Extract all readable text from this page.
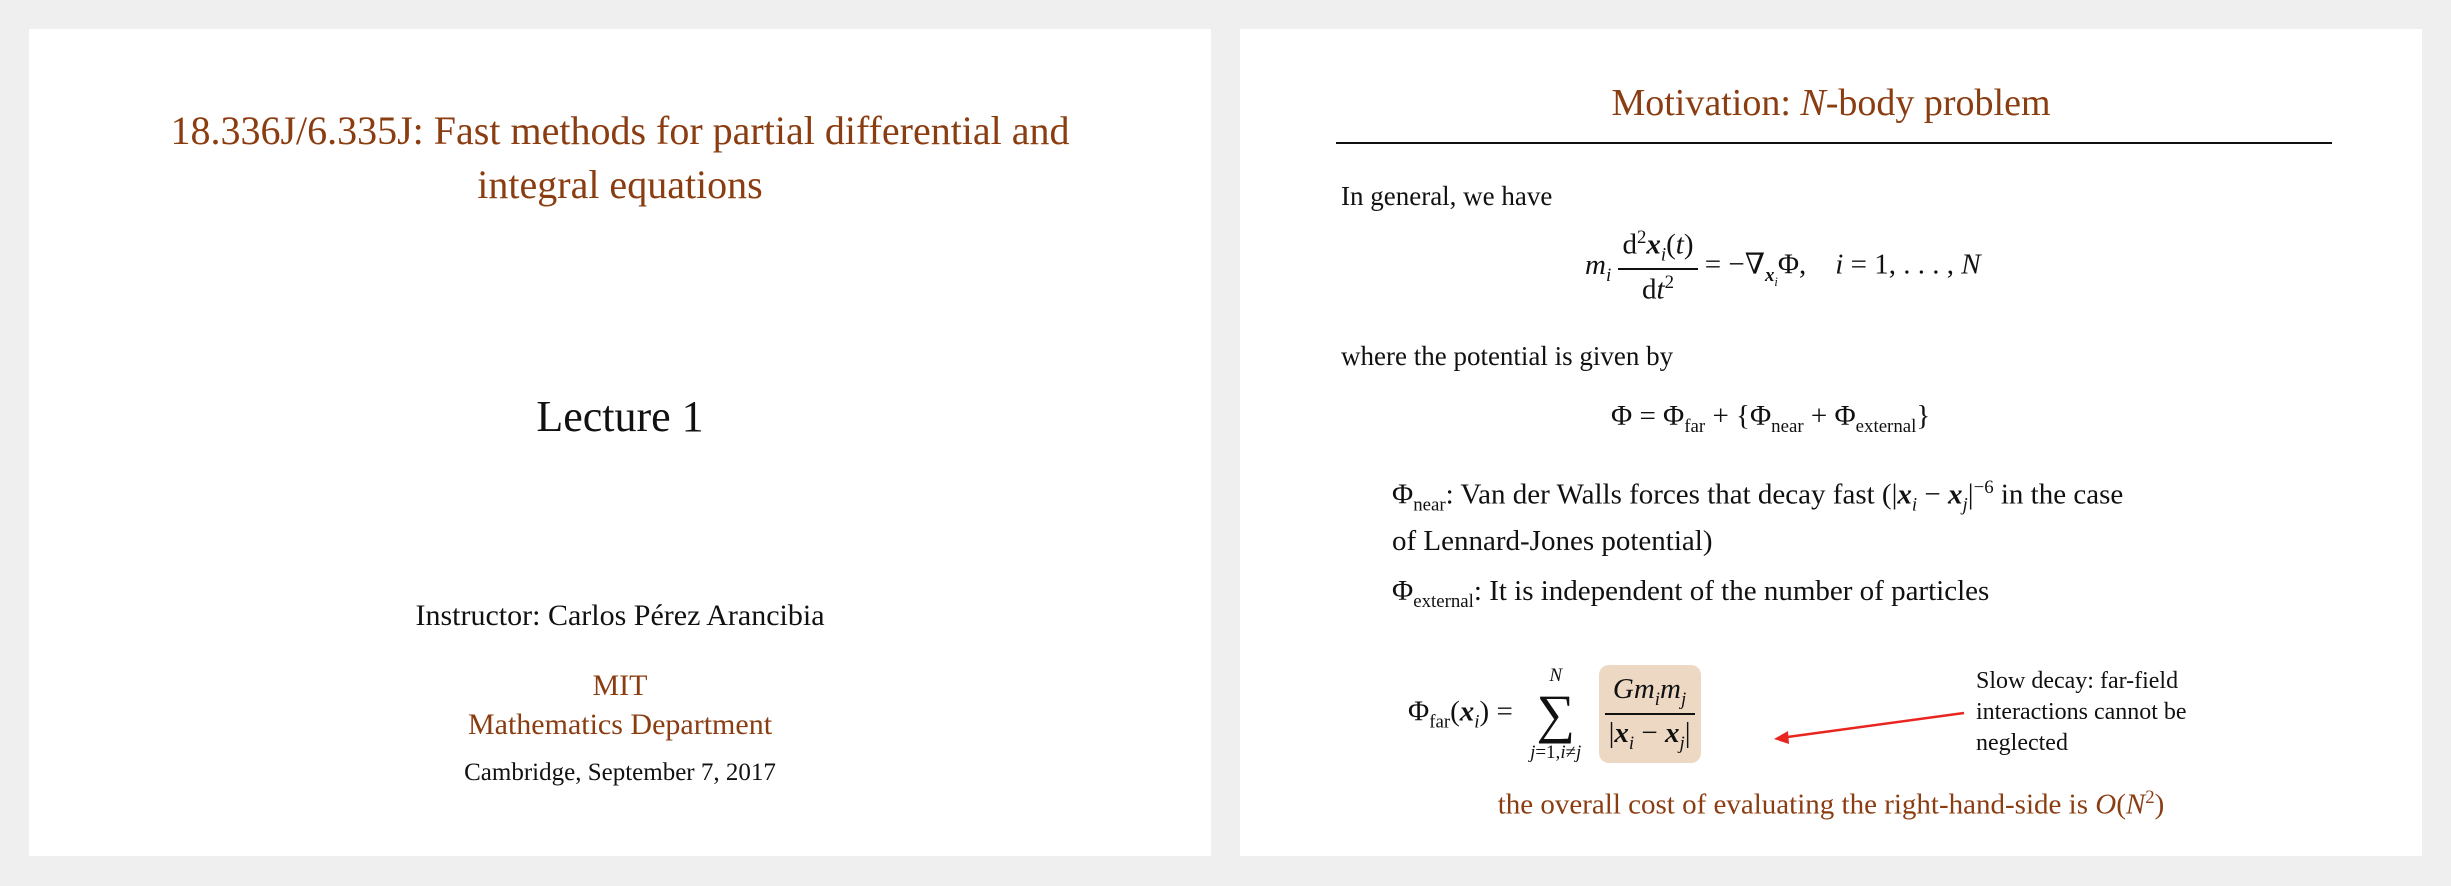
18.336J/6.335J: Fast methods for partial differential and
integral equations
Lecture 1
Instructor: Carlos Pérez Arancibia
MIT
Mathematics Department
Cambridge, September 7, 2017
Motivation: N-body problem
In general, we have
$m_i \frac{d^2x_i(t)}{dt^2} = -\nabla_{x_i}\Phi$,    i = 1, . . . , N
where the potential is given by
$\Phi = \Phi_{far} + \{\Phi_{near} + \Phi_{external}\}$
$\Phi_{near}$: Van der Walls forces that decay fast ($|x_i - x_j|^{-6}$ in the case
of Lennard-Jones potential)
$\Phi_{external}$: It is independent of the number of particles
$\Phi_{far}(x_i)$ =
N
∑
j=1,i≠j
$\frac{Gm_im_j}{|x_i - x_j|}$	Slow decay: far-field
interactions cannot be
neglected
the overall cost of evaluating the right-hand-side is $O(N^2)$
